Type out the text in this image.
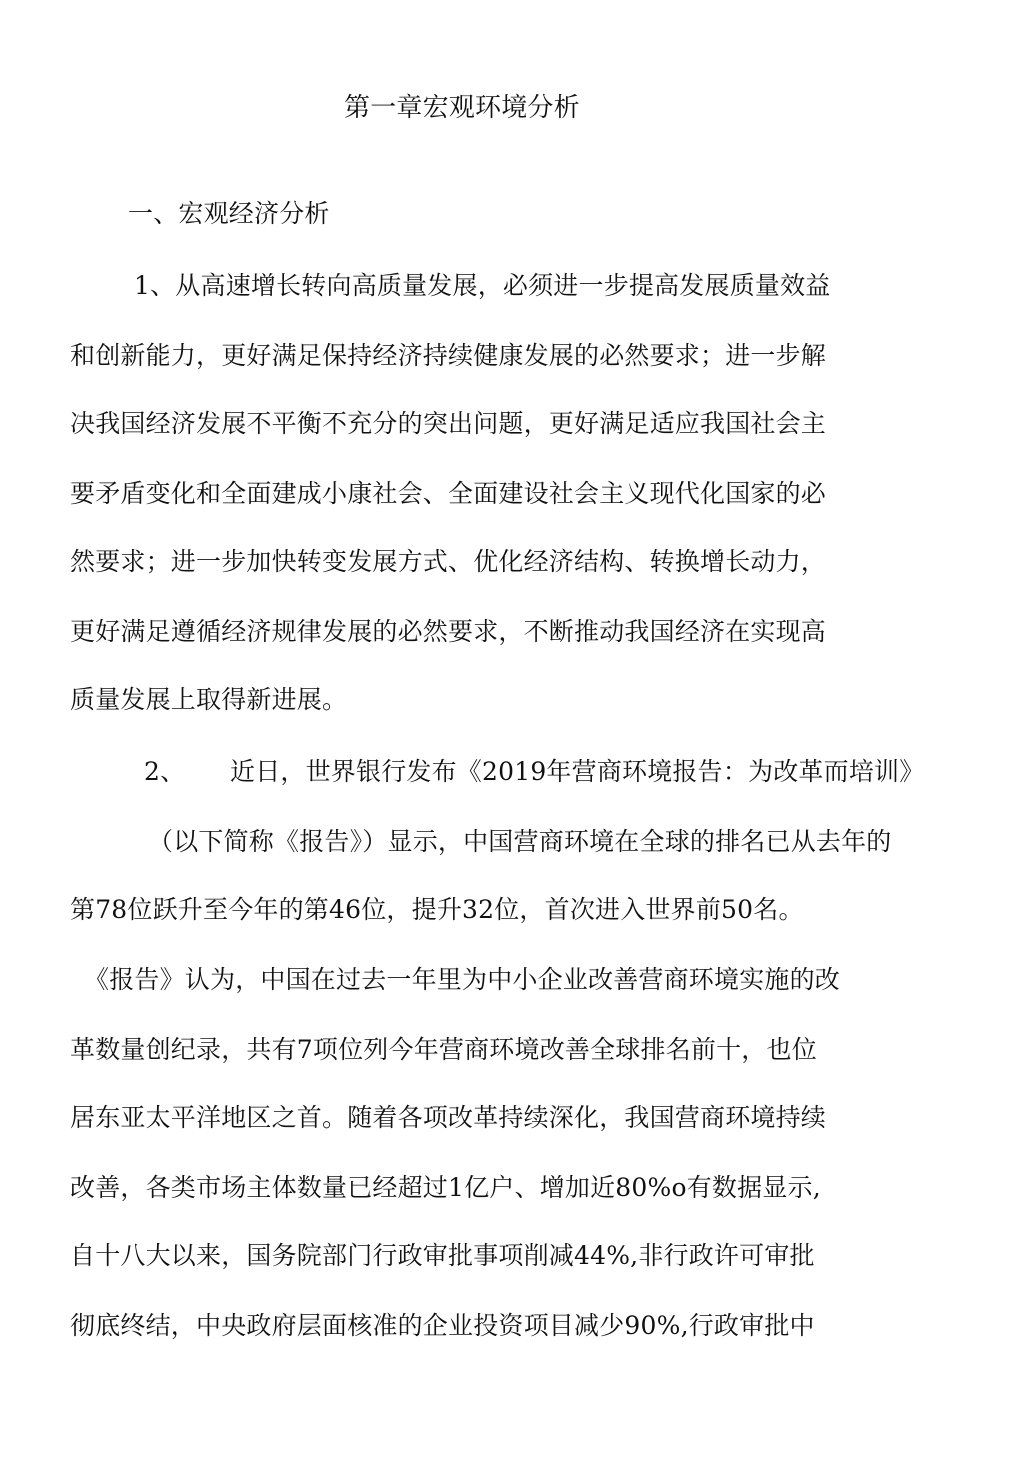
第一章宏观环境分析
一、宏观经济分析
1、从高速增长转向高质量发展，必须进一步提高发展质量效益
和创新能力，更好满足保持经济持续健康发展的必然要求；进一步解
决我国经济发展不平衡不充分的突出问题，更好满足适应我国社会主
要矛盾变化和全面建成小康社会、全面建设社会主义现代化国家的必
然要求；进一步加快转变发展方式、优化经济结构、转换增长动力，
更好满足遵循经济规律发展的必然要求，不断推动我国经济在实现高
质量发展上取得新进展。
2、 近日，世界银行发布《2019年营商环境报告：为改革而培训》
（以下简称《报告》）显示，中国营商环境在全球的排名已从去年的
第78位跃升至今年的第46位，提升32位，首次进入世界前50名。
《报告》认为，中国在过去一年里为中小企业改善营商环境实施的改
革数量创纪录，共有7项位列今年营商环境改善全球排名前十，也位
居东亚太平洋地区之首。随着各项改革持续深化，我国营商环境持续
改善，各类市场主体数量已经超过1亿户、增加近80%o有数据显示,
自十八大以来，国务院部门行政审批事项削减44%,非行政许可审批
彻底终结，中央政府层面核准的企业投资项目减少90%,行政审批中
